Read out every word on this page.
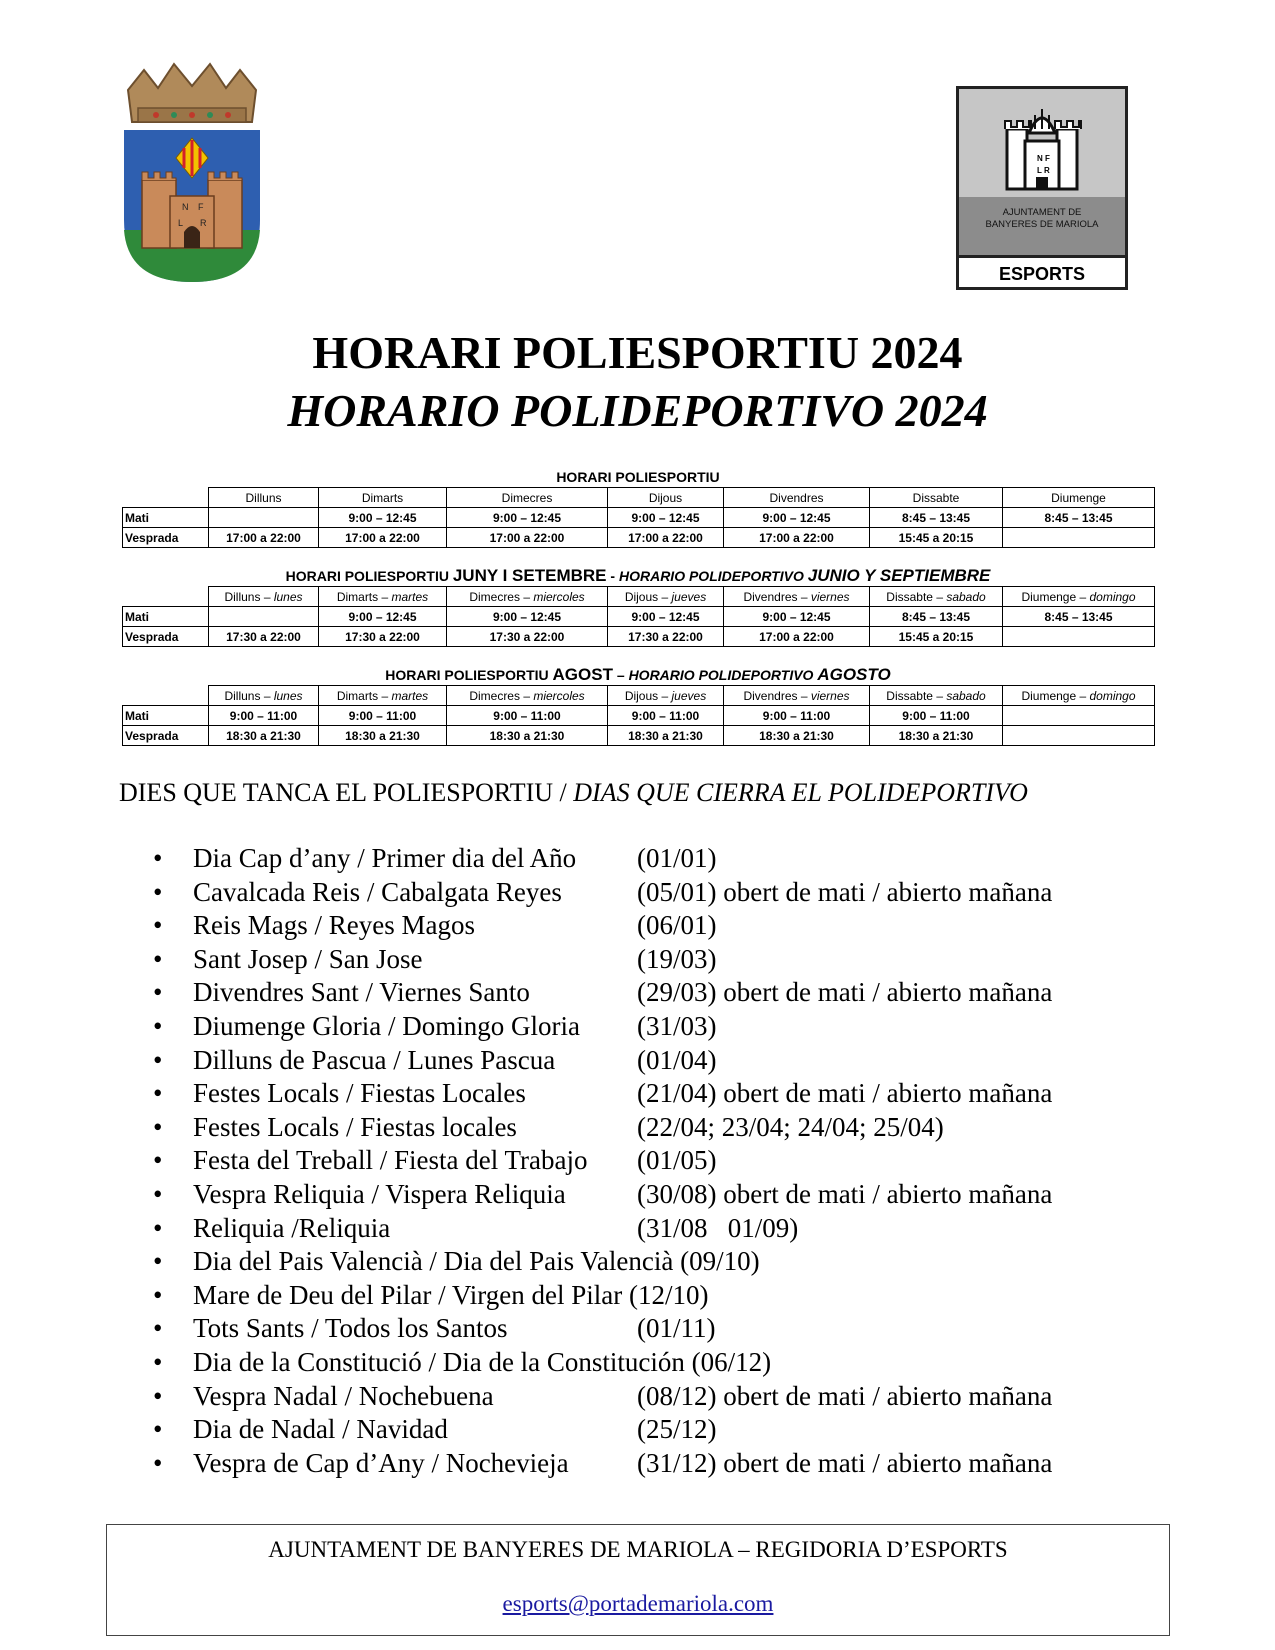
N F
L R
N F
L R
AJUNTAMENT DE
BANYERES DE MARIOLA
ESPORTS
HORARI POLIESPORTIU 2024
HORARIO POLIDEPORTIVO 2024
HORARI POLIESPORTIU
	Dilluns	Dimarts	Dimecres	Dijous	Divendres	Dissabte	Diumenge
Mati		9:00 – 12:45	9:00 – 12:45	9:00 – 12:45	9:00 – 12:45	8:45 – 13:45	8:45 – 13:45
Vesprada	17:00 a 22:00	17:00 a 22:00	17:00 a 22:00	17:00 a 22:00	17:00 a 22:00	15:45 a 20:15	
HORARI POLIESPORTIU JUNY I SETEMBRE - HORARIO POLIDEPORTIVO JUNIO Y SEPTIEMBRE
	Dilluns – lunes	Dimarts – martes	Dimecres – miercoles	Dijous – jueves	Divendres – viernes	Dissabte – sabado	Diumenge – domingo
Mati		9:00 – 12:45	9:00 – 12:45	9:00 – 12:45	9:00 – 12:45	8:45 – 13:45	8:45 – 13:45
Vesprada	17:30 a 22:00	17:30 a 22:00	17:30 a 22:00	17:30 a 22:00	17:00 a 22:00	15:45 a 20:15	
HORARI POLIESPORTIU AGOST – HORARIO POLIDEPORTIVO AGOSTO
	Dilluns – lunes	Dimarts – martes	Dimecres – miercoles	Dijous – jueves	Divendres – viernes	Dissabte – sabado	Diumenge – domingo
Mati	9:00 – 11:00	9:00 – 11:00	9:00 – 11:00	9:00 – 11:00	9:00 – 11:00	9:00 – 11:00	
Vesprada	18:30 a 21:30	18:30 a 21:30	18:30 a 21:30	18:30 a 21:30	18:30 a 21:30	18:30 a 21:30	
DIES QUE TANCA EL POLIESPORTIU / DIAS QUE CIERRA EL POLIDEPORTIVO
•	Dia Cap d’any / Primer dia del Año (01/01)
•	Cavalcada Reis / Cabalgata Reyes	(05/01) obert de mati / abierto mañana
•	Reis Mags / Reyes Magos	(06/01)
•	Sant Josep / San Jose	(19/03)
•	Divendres Sant / Viernes Santo	(29/03) obert de mati / abierto mañana
•	Diumenge Gloria / Domingo Gloria (31/03)
•	Dilluns de Pascua / Lunes Pascua	(01/04)
•	Festes Locals / Fiestas Locales	(21/04) obert de mati / abierto mañana
•	Festes Locals / Fiestas locales	(22/04; 23/04; 24/04; 25/04)
•	Festa del Treball / Fiesta del Trabajo (01/05)
•	Vespra Reliquia / Vispera Reliquia	(30/08) obert de mati / abierto mañana
•	Reliquia /Reliquia	(31/08   01/09)
•	Dia del Pais Valencià / Dia del Pais Valencià (09/10)
•	Mare de Deu del Pilar / Virgen del Pilar (12/10)
•	Tots Sants / Todos los Santos	(01/11)
•	Dia de la Constitució / Dia de la Constitución (06/12)
•	Vespra Nadal / Nochebuena	(08/12) obert de mati / abierto mañana
•	Dia de Nadal / Navidad	(25/12)
•	Vespra de Cap d’Any / Nochevieja	(31/12) obert de mati / abierto mañana
AJUNTAMENT DE BANYERES DE MARIOLA – REGIDORIA D’ESPORTS
esports@portademariola.com
